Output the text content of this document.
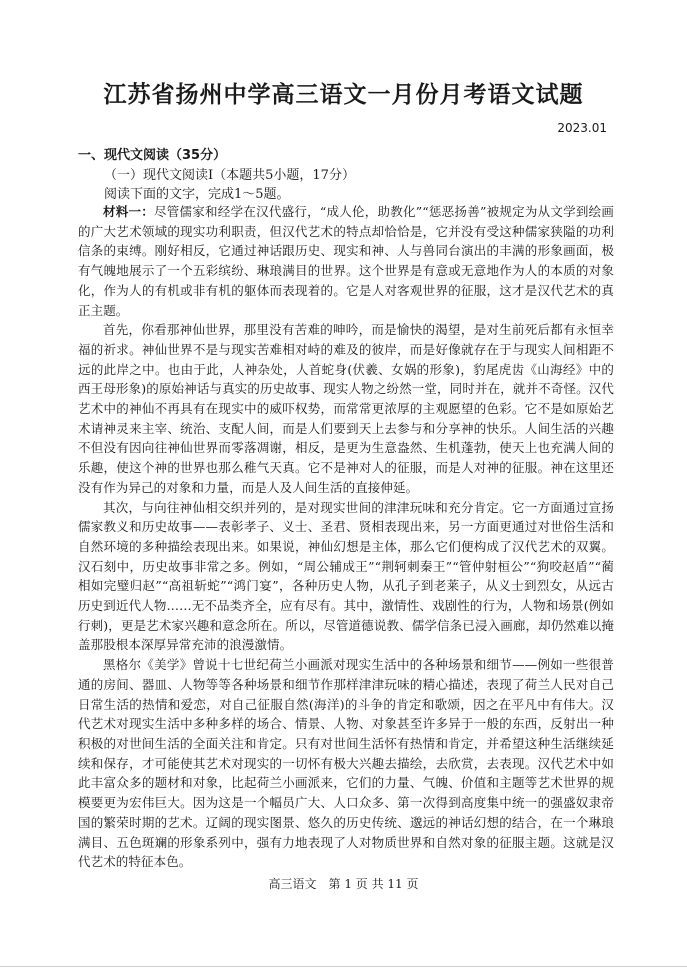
江苏省扬州中学高三语文一月份月考语文试题
2023.01
一、现代文阅读（35分）
（一）现代文阅读Ⅰ（本题共5小题，17分）
阅读下面的文字，完成1～5题。

材料一：尽管儒家和经学在汉代盛行，“成人伦，助教化”“惩恶扬善”被规定为从文学到绘画的广大艺术领域的现实功利职责，但汉代艺术的特点却恰恰是，它并没有受这种儒家狭隘的功利信条的束缚。刚好相反，它通过神话跟历史、现实和神、人与兽同台演出的丰满的形象画面，极有气魄地展示了一个五彩缤纷、琳琅满目的世界。这个世界是有意或无意地作为人的本质的对象化，作为人的有机或非有机的躯体而表现着的。它是人对客观世界的征服，这才是汉代艺术的真正主题。

首先，你看那神仙世界，那里没有苦难的呻吟，而是愉快的渴望，是对生前死后都有永恒幸福的祈求。神仙世界不是与现实苦难相对峙的难及的彼岸，而是好像就存在于与现实人间相距不远的此岸之中。也由于此，人神杂处，人首蛇身(伏羲、女娲的形象)，豹尾虎齿《山海经》中的西王母形象)的原始神话与真实的历史故事、现实人物之纷然一堂，同时并在，就并不奇怪。汉代艺术中的神仙不再具有在现实中的威吓权势，而常常更浓厚的主观愿望的色彩。它不是如原始艺术请神灵来主宰、统治、支配人间，而是人们要到天上去参与和分享神的快乐。人间生活的兴趣不但没有因向往神仙世界而零落凋谢，相反，是更为生意盎然、生机蓬勃，使天上也充满人间的乐趣，使这个神的世界也那么稚气天真。它不是神对人的征服，而是人对神的征服。神在这里还没有作为异己的对象和力量，而是人及人间生活的直接伸延。

其次，与向往神仙相交织并列的，是对现实世间的津津玩味和充分肯定。它一方面通过宣扬儒家教义和历史故事——表彰孝子、义士、圣君、贤相表现出来，另一方面更通过对世俗生活和自然环境的多种描绘表现出来。如果说，神仙幻想是主体，那么它们便构成了汉代艺术的双翼。汉石刻中，历史故事非常之多。例如，“周公辅成王”“荆轲刺秦王”“管仲射桓公”“狗咬赵盾”“蔺相如完璧归赵”“高祖斩蛇”“鸿门宴”，各种历史人物，从孔子到老莱子，从义士到烈女，从远古历史到近代人物……无不品类齐全，应有尽有。其中，激情性、戏剧性的行为，人物和场景(例如行刺)，更是艺术家兴趣和意念所在。所以，尽管道德说教、儒学信条已浸入画廊，却仍然难以掩盖那股根本深厚异常充沛的浪漫激情。

黑格尔《美学》曾说十七世纪荷兰小画派对现实生活中的各种场景和细节——例如一些很普通的房间、器皿、人物等等各种场景和细节作那样津津玩味的精心描述，表现了荷兰人民对自己日常生活的热情和爱恋，对自己征服自然(海洋)的斗争的肯定和歌颂，因之在平凡中有伟大。汉代艺术对现实生活中多种多样的场合、情景、人物、对象甚至许多异于一般的东西，反射出一种积极的对世间生活的全面关注和肯定。只有对世间生活怀有热情和肯定，并希望这种生活继续延续和保存，才可能使其艺术对现实的一切怀有极大兴趣去描绘，去欣赏，去表现。汉代艺术中如此丰富众多的题材和对象，比起荷兰小画派来，它们的力量、气魄、价值和主题等艺术世界的规模要更为宏伟巨大。因为这是一个幅员广大、人口众多、第一次得到高度集中统一的强盛奴隶帝国的繁荣时期的艺术。辽阔的现实图景、悠久的历史传统、邈远的神话幻想的结合，在一个琳琅满目、五色斑斓的形象系列中，强有力地表现了人对物质世界和自然对象的征服主题。这就是汉代艺术的特征本色。

高三语文　第 1 页 共 11 页
